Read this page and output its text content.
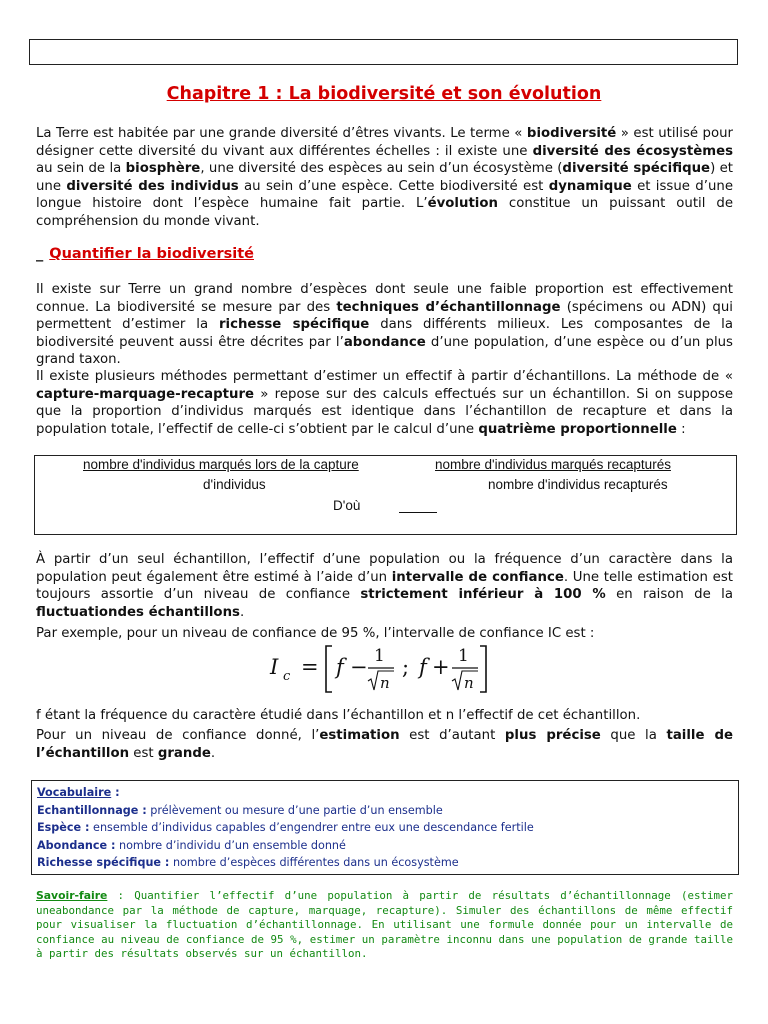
Chapitre 1 : La biodiversité et son évolution
La Terre est habitée par une grande diversité d’êtres vivants. Le terme « biodiversité » est utilisé pour désigner cette diversité du vivant aux différentes échelles : il existe une diversité des écosystèmes au sein de la biosphère, une diversité des espèces au sein d’un écosystème (diversité spécifique) et une diversité des individus au sein d’une espèce. Cette biodiversité est dynamique et issue d’une longue histoire dont l’espèce humaine fait partie. L’évolution constitue un puissant outil de compréhension du monde vivant.
_ Quantifier la biodiversité
Il existe sur Terre un grand nombre d’espèces dont seule une faible proportion est effectivement connue. La biodiversité se mesure par des techniques d’échantillonnage (spécimens ou ADN) qui permettent d’estimer la richesse spécifique dans différents milieux. Les composantes de la biodiversité peuvent aussi être décrites par l’abondance d’une population, d’une espèce ou d’un plus grand taxon.
Il existe plusieurs méthodes permettant d’estimer un effectif à partir d’échantillons. La méthode de « capture-marquage-recapture » repose sur des calculs effectués sur un échantillon. Si on suppose que la proportion d’individus marqués est identique dans l’échantillon de recapture et dans la population totale, l’effectif de celle-ci s’obtient par le calcul d’une quatrième proportionnelle :
nombre d'individus marqués lors de la capture	nombre d'individus marqués recapturés
d'individus	nombre d'individus recapturés
D'où
À partir d’un seul échantillon, l’effectif d’une population ou la fréquence d’un caractère dans la population peut également être estimé à l’aide d’un intervalle de confiance. Une telle estimation est toujours assortie d’un niveau de confiance strictement inférieur à 100 % en raison de la fluctuationdes échantillons.
Par exemple, pour un niveau de confiance de 95 %, l’intervalle de confiance IC est :
I c = f − 1
n
; f + 1
n
f étant la fréquence du caractère étudié dans l’échantillon et n l’effectif de cet échantillon.
Pour un niveau de confiance donné, l’estimation est d’autant plus précise que la taille de l’échantillon est grande.
Vocabulaire :
Echantillonnage : prélèvement ou mesure d’une partie d’un ensemble
Espèce : ensemble d’individus capables d’engendrer entre eux une descendance fertile
Abondance : nombre d’individu d’un ensemble donné
Richesse spécifique : nombre d’espèces différentes dans un écosystème
Savoir-faire : Quantifier l’effectif d’une population à partir de résultats d’échantillonnage (estimer uneabondance par la méthode de capture, marquage, recapture). Simuler des échantillons de même effectif pour visualiser la fluctuation d’échantillonnage. En utilisant une formule donnée pour un intervalle de confiance au niveau de confiance de 95 %, estimer un paramètre inconnu dans une population de grande taille à partir des résultats observés sur un échantillon.
